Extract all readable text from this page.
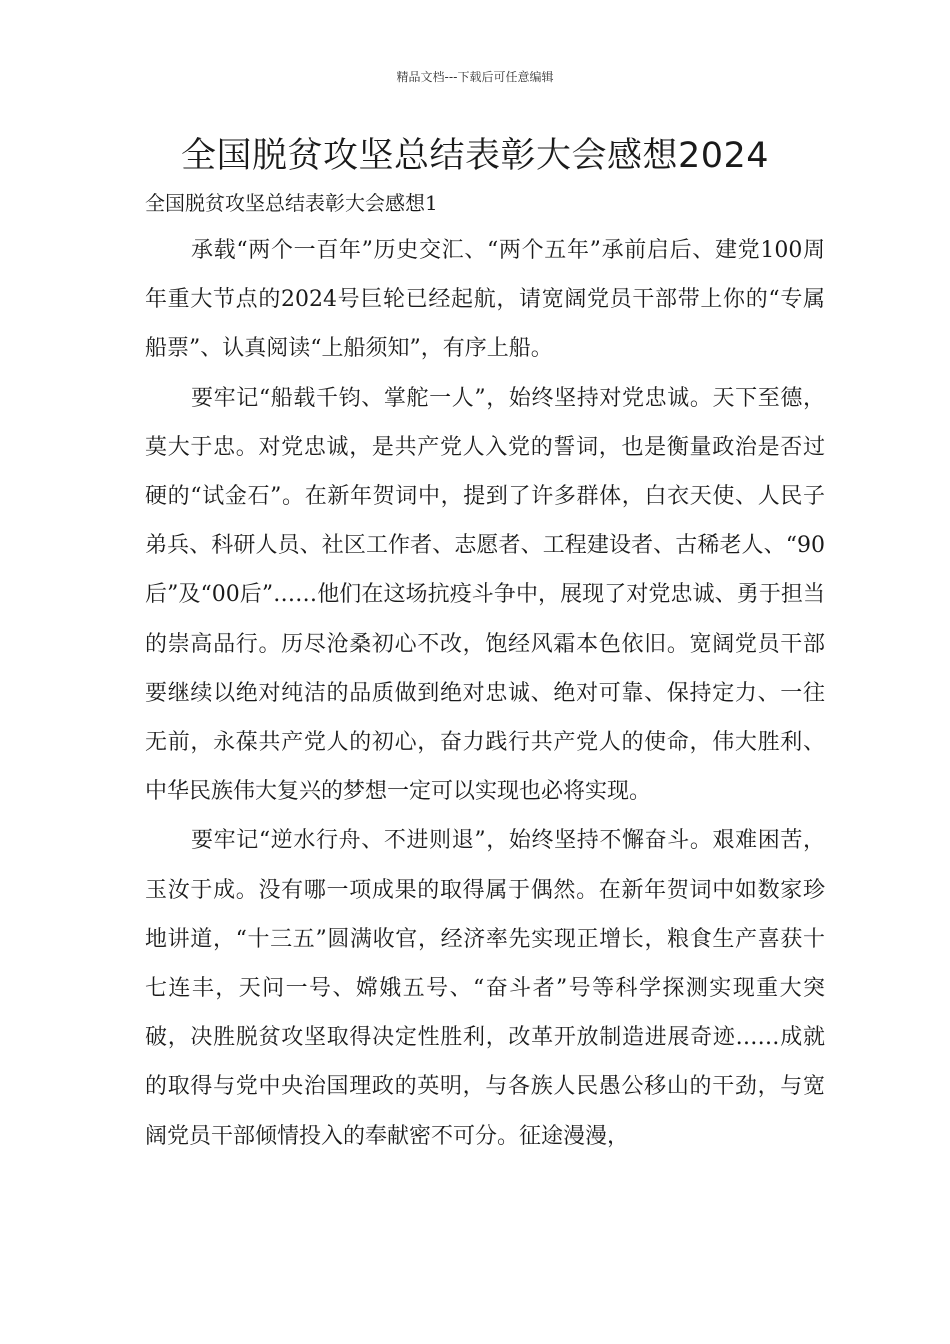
精品文档---下载后可任意编辑
全国脱贫攻坚总结表彰大会感想2024
全国脱贫攻坚总结表彰大会感想1

承载“两个一百年”历史交汇、“两个五年”承前启后、建党100周年重大节点的2024号巨轮已经起航，请宽阔党员干部带上你的“专属船票”、认真阅读“上船须知”，有序上船。

要牢记“船载千钧、掌舵一人”，始终坚持对党忠诚。天下至德，莫大于忠。对党忠诚，是共产党人入党的誓词，也是衡量政治是否过硬的“试金石”。在新年贺词中，提到了许多群体，白衣天使、人民子弟兵、科研人员、社区工作者、志愿者、工程建设者、古稀老人、“90后”及“00后”……他们在这场抗疫斗争中，展现了对党忠诚、勇于担当的崇高品行。历尽沧桑初心不改，饱经风霜本色依旧。宽阔党员干部要继续以绝对纯洁的品质做到绝对忠诚、绝对可靠、保持定力、一往无前，永葆共产党人的初心，奋力践行共产党人的使命，伟大胜利、中华民族伟大复兴的梦想一定可以实现也必将实现。

要牢记“逆水行舟、不进则退”，始终坚持不懈奋斗。艰难困苦，玉汝于成。没有哪一项成果的取得属于偶然。在新年贺词中如数家珍地讲道，“十三五”圆满收官，经济率先实现正增长，粮食生产喜获十七连丰，天问一号、嫦娥五号、“奋斗者”号等科学探测实现重大突破，决胜脱贫攻坚取得决定性胜利，改革开放制造进展奇迹……成就的取得与党中央治国理政的英明，与各族人民愚公移山的干劲，与宽阔党员干部倾情投入的奉献密不可分。征途漫漫，
